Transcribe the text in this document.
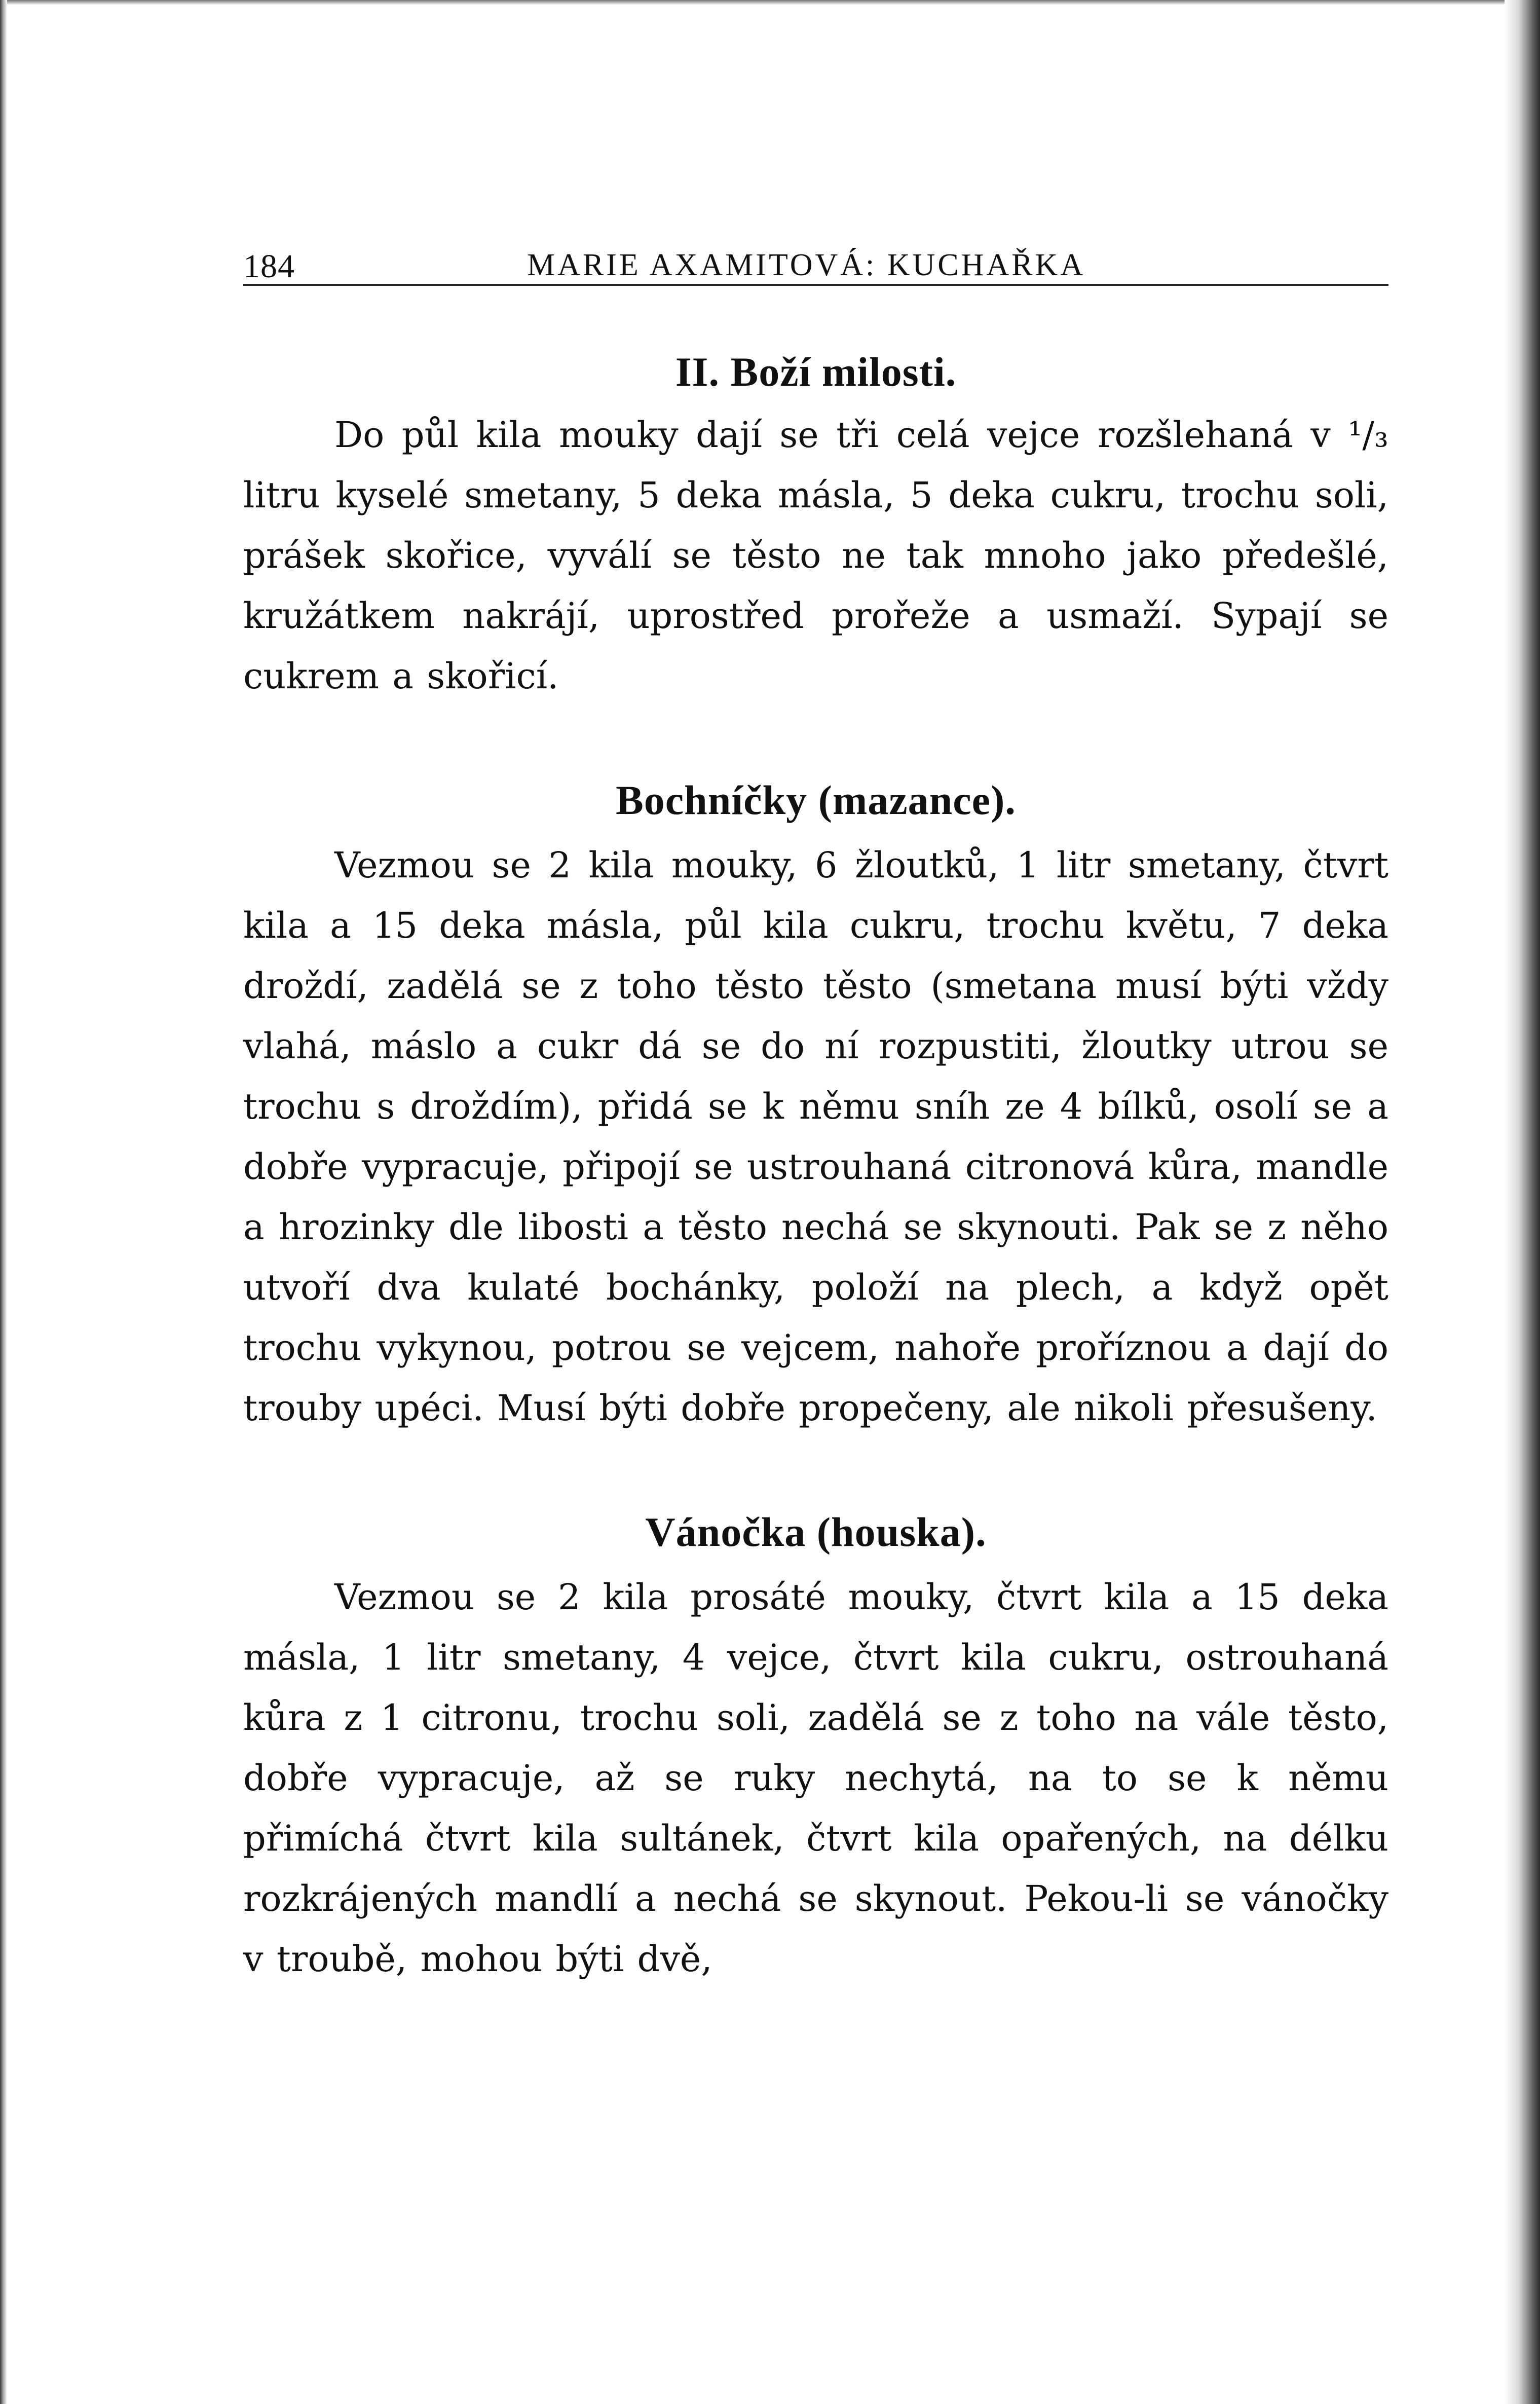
184	MARIE AXAMITOVÁ: KUCHAŘKA
II. Boží milosti.

Do půl kila mouky dají se tři celá vejce rozšlehaná v ¹/₃ litru kyselé smetany, 5 deka másla, 5 deka cukru, trochu soli, prášek skořice, vyválí se těsto ne tak mnoho jako předešlé, kružátkem nakrájí, uprostřed prořeže a usmaží. Sypají se cukrem a skořicí.

Bochníčky (mazance).

Vezmou se 2 kila mouky, 6 žloutků, 1 litr smetany, čtvrt kila a 15 deka másla, půl kila cukru, trochu květu, 7 deka droždí, zadělá se z toho těsto těsto (smetana musí býti vždy vlahá, máslo a cukr dá se do ní rozpustiti, žloutky utrou se trochu s droždím), přidá se k němu sníh ze 4 bílků, osolí se a dobře vypracuje, připojí se ustrouhaná citronová kůra, mandle a hrozinky dle libosti a těsto nechá se skynouti. Pak se z něho utvoří dva kulaté bochánky, položí na plech, a když opět trochu vykynou, potrou se vejcem, nahoře proříznou a dají do trouby upéci. Musí býti dobře propečeny, ale nikoli přesušeny.

Vánočka (houska).

Vezmou se 2 kila prosáté mouky, čtvrt kila a 15 deka másla, 1 litr smetany, 4 vejce, čtvrt kila cukru, ostrouhaná kůra z 1 citronu, trochu soli, zadělá se z toho na vále těsto, dobře vypracuje, až se ruky nechytá, na to se k němu přimíchá čtvrt kila sultánek, čtvrt kila opařených, na délku rozkrájených mandlí a nechá se skynout. Pekou-li se vánočky v troubě, mohou býti dvě,
